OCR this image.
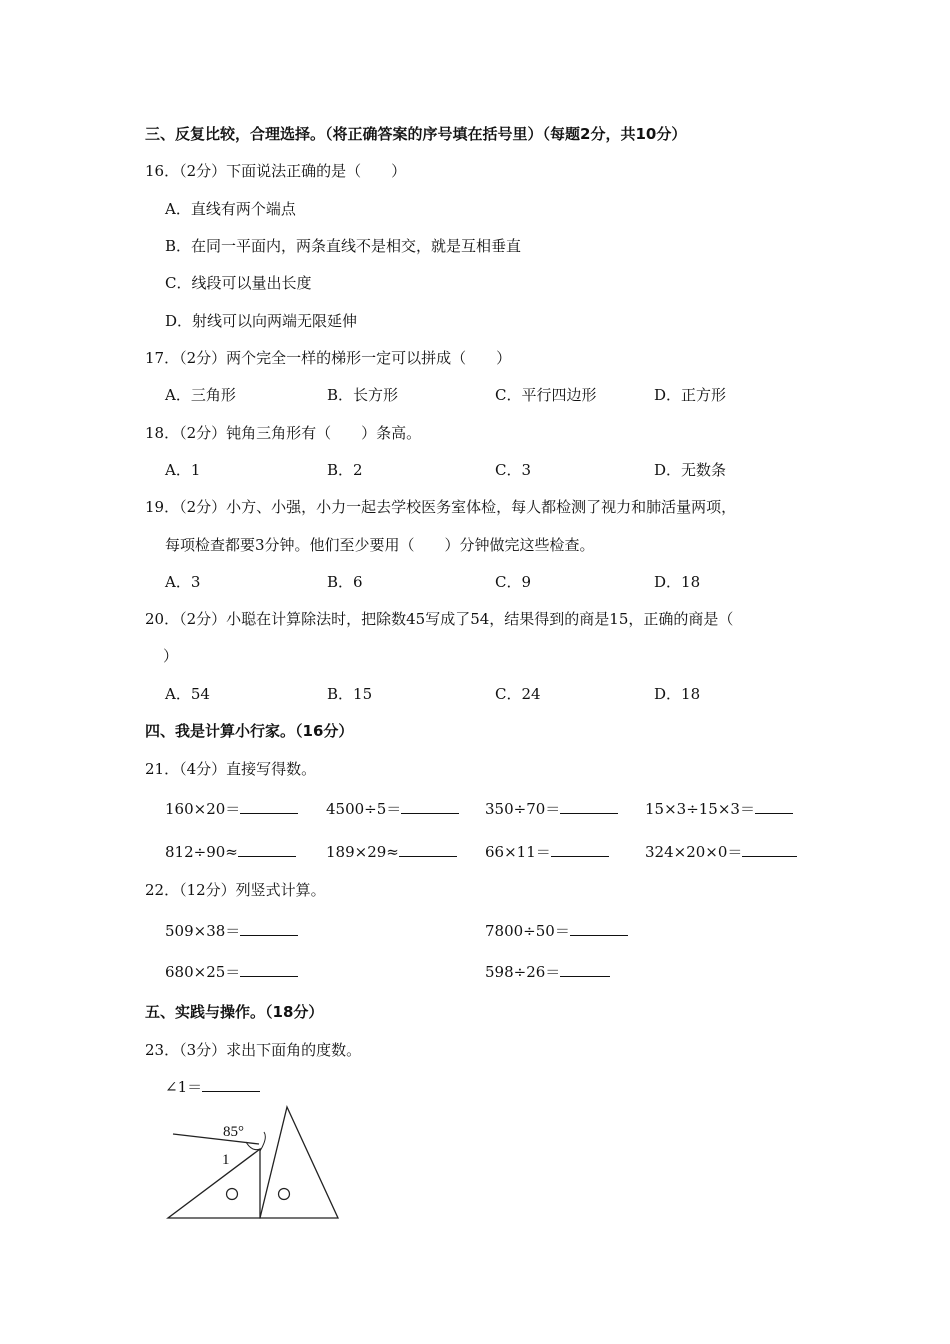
三、反复比较，合理选择。（将正确答案的序号填在括号里）（每题2分，共10分）
16．（2分）下面说法正确的是（　　）
A．直线有两个端点
B．在同一平面内，两条直线不是相交，就是互相垂直
C．线段可以量出长度
D．射线可以向两端无限延伸
17．（2分）两个完全一样的梯形一定可以拼成（　　）
A．三角形	B．长方形	C．平行四边形	D．正方形
18．（2分）钝角三角形有（　　）条高。
A．1	B．2	C．3	D．无数条
19．（2分）小方、小强，小力一起去学校医务室体检，每人都检测了视力和肺活量两项，
每项检查都要3分钟。他们至少要用（　　）分钟做完这些检查。
A．3	B．6	C．9	D．18
20．（2分）小聪在计算除法时，把除数45写成了54，结果得到的商是15，正确的商是（
）
A．54	B．15	C．24	D．18
四、我是计算小行家。（16分）
21．（4分）直接写得数。
160×20＝	4500÷5＝	350÷70＝	15×3÷15×3＝
812÷90≈	189×29≈	66×11＝	324×20×0＝
22．（12分）列竖式计算。
509×38＝	7800÷50＝
680×25＝	598÷26＝
五、实践与操作。（18分）
23．（3分）求出下面角的度数。
∠1＝
85°
1
